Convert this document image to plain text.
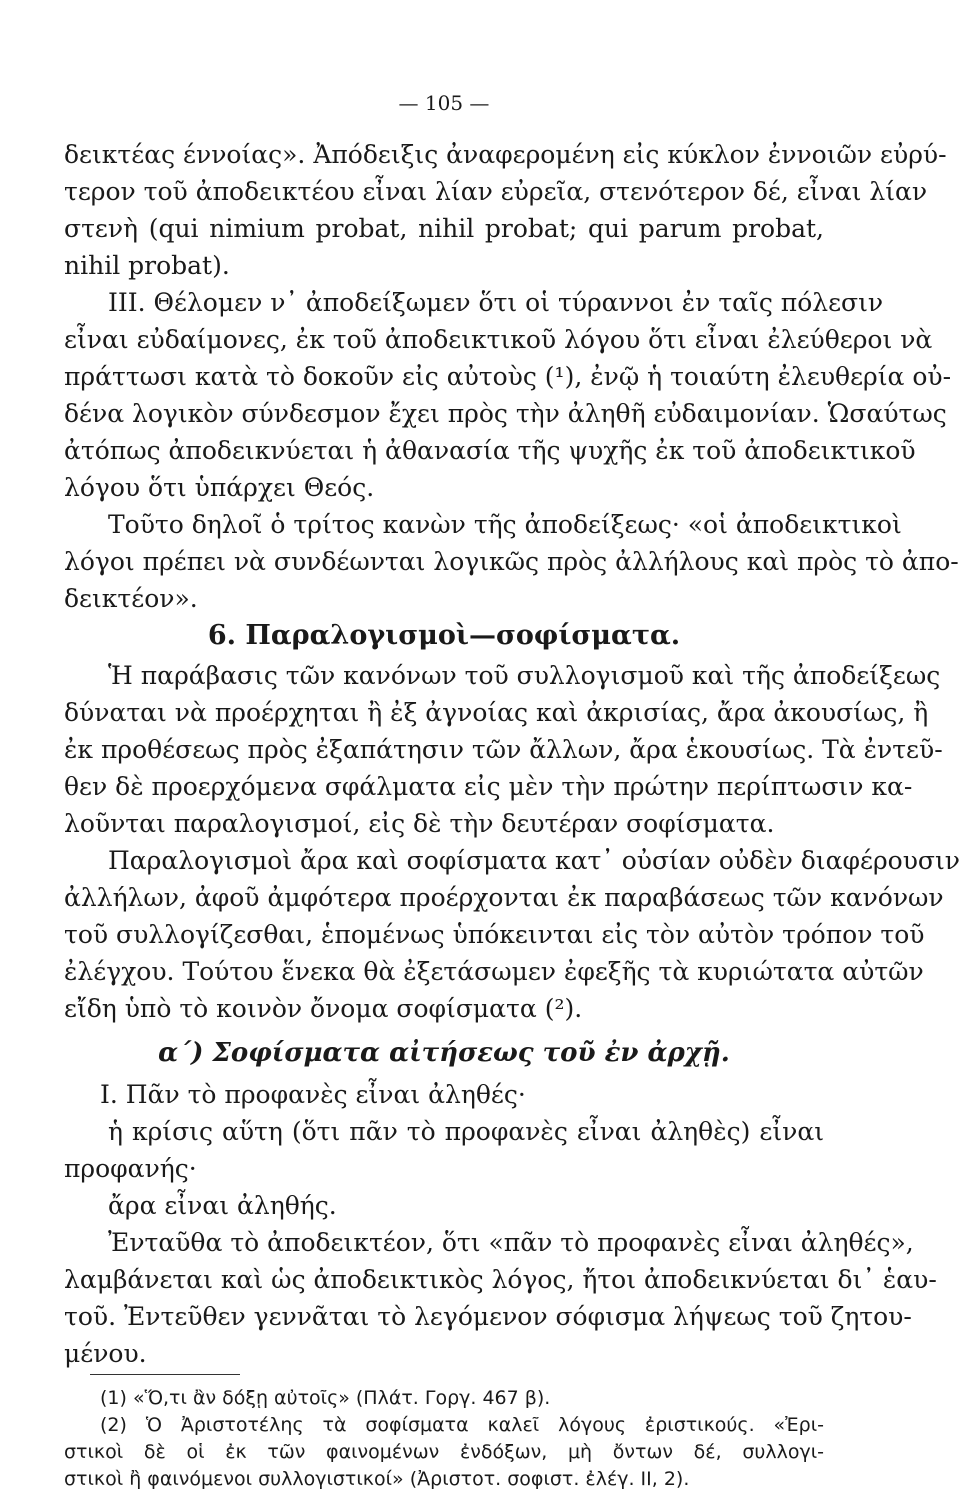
— 105 —
δεικτέας έννοίας». Ἀπόδειξις ἀναφερομένη εἰς κύκλον ἐννοιῶν εὐρύ-
τερον τοῦ ἀποδεικτέου εἶναι λίαν εὐρεῖα, στενότερον δέ, εἶναι λίαν
στενὴ (qui nimium probat, nihil probat; qui parum probat,
nihil probat).
III. Θέλομεν ν᾽ ἀποδείξωμεν ὅτι οἱ τύραννοι ἐν ταῖς πόλεσιν
εἶναι εὐδαίμονες, ἐκ τοῦ ἀποδεικτικοῦ λόγου ὅτι εἶναι ἐλεύθεροι νὰ
πράττωσι κατὰ τὸ δοκοῦν εἰς αὐτοὺς (¹), ἐνῷ ἡ τοιαύτη ἐλευθερία οὐ-
δένα λογικὸν σύνδεσμον ἔχει πρὸς τὴν ἀληθῆ εὐδαιμονίαν. Ὡσαύτως
ἀτόπως ἀποδεικνύεται ἡ ἀθανασία τῆς ψυχῆς ἐκ τοῦ ἀποδεικτικοῦ
λόγου ὅτι ὑπάρχει Θεός.
Τοῦτο δηλοῖ ὁ τρίτος κανὼν τῆς ἀποδείξεως· «οἱ ἀποδεικτικοὶ
λόγοι πρέπει νὰ συνδέωνται λογικῶς πρὸς ἀλλήλους καὶ πρὸς τὸ ἀπο-
δεικτέον».
6. Παραλογισμοὶ—σοφίσματα.
Ἡ παράβασις τῶν κανόνων τοῦ συλλογισμοῦ καὶ τῆς ἀποδείξεως
δύναται νὰ προέρχηται ἢ ἐξ ἀγνοίας καὶ ἀκρισίας, ἄρα ἀκουσίως, ἢ
ἐκ προθέσεως πρὸς ἐξαπάτησιν τῶν ἄλλων, ἄρα ἑκουσίως. Τὰ ἐντεῦ-
θεν δὲ προερχόμενα σφάλματα εἰς μὲν τὴν πρώτην περίπτωσιν κα-
λοῦνται παραλογισμοί, εἰς δὲ τὴν δευτέραν σοφίσματα.
Παραλογισμοὶ ἄρα καὶ σοφίσματα κατ᾽ οὐσίαν οὐδὲν διαφέρουσιν
ἀλλήλων, ἀφοῦ ἀμφότερα προέρχονται ἐκ παραβάσεως τῶν κανόνων
τοῦ συλλογίζεσθαι, ἑπομένως ὑπόκεινται εἰς τὸν αὐτὸν τρόπον τοῦ
ἐλέγχου. Τούτου ἕνεκα θὰ ἐξετάσωμεν ἐφεξῆς τὰ κυριώτατα αὐτῶν
εἴδη ὑπὸ τὸ κοινὸν ὄνομα σοφίσματα (²).
α´) Σοφίσματα αἰτήσεως τοῦ ἐν ἀρχῇ.
I. Πᾶν τὸ προφανὲς εἶναι ἀληθές·
ἡ κρίσις αὕτη (ὅτι πᾶν τὸ προφανὲς εἶναι ἀληθὲς) εἶναι
προφανής·
ἄρα εἶναι ἀληθής.
Ἐνταῦθα τὸ ἀποδεικτέον, ὅτι «πᾶν τὸ προφανὲς εἶναι ἀληθές»,
λαμβάνεται καὶ ὡς ἀποδεικτικὸς λόγος, ἤτοι ἀποδεικνύεται δι᾽ ἑαυ-
τοῦ. Ἐντεῦθεν γεννᾶται τὸ λεγόμενον σόφισμα λήψεως τοῦ ζητου-
μένου.
(1) «Ὅ,τι ἂν δόξῃ αὐτοῖς» (Πλάτ. Γοργ. 467 β).
(2) Ὁ Ἀριστοτέλης τὰ σοφίσματα καλεῖ λόγους ἐριστικούς. «Ἐρι-
στικοὶ δὲ οἱ ἐκ τῶν φαινομένων ἐνδόξων, μὴ ὄντων δέ, συλλογι-
στικοὶ ἢ φαινόμενοι συλλογιστικοί» (Ἀριστοτ. σοφιστ. ἐλέγ. ΙΙ, 2).
